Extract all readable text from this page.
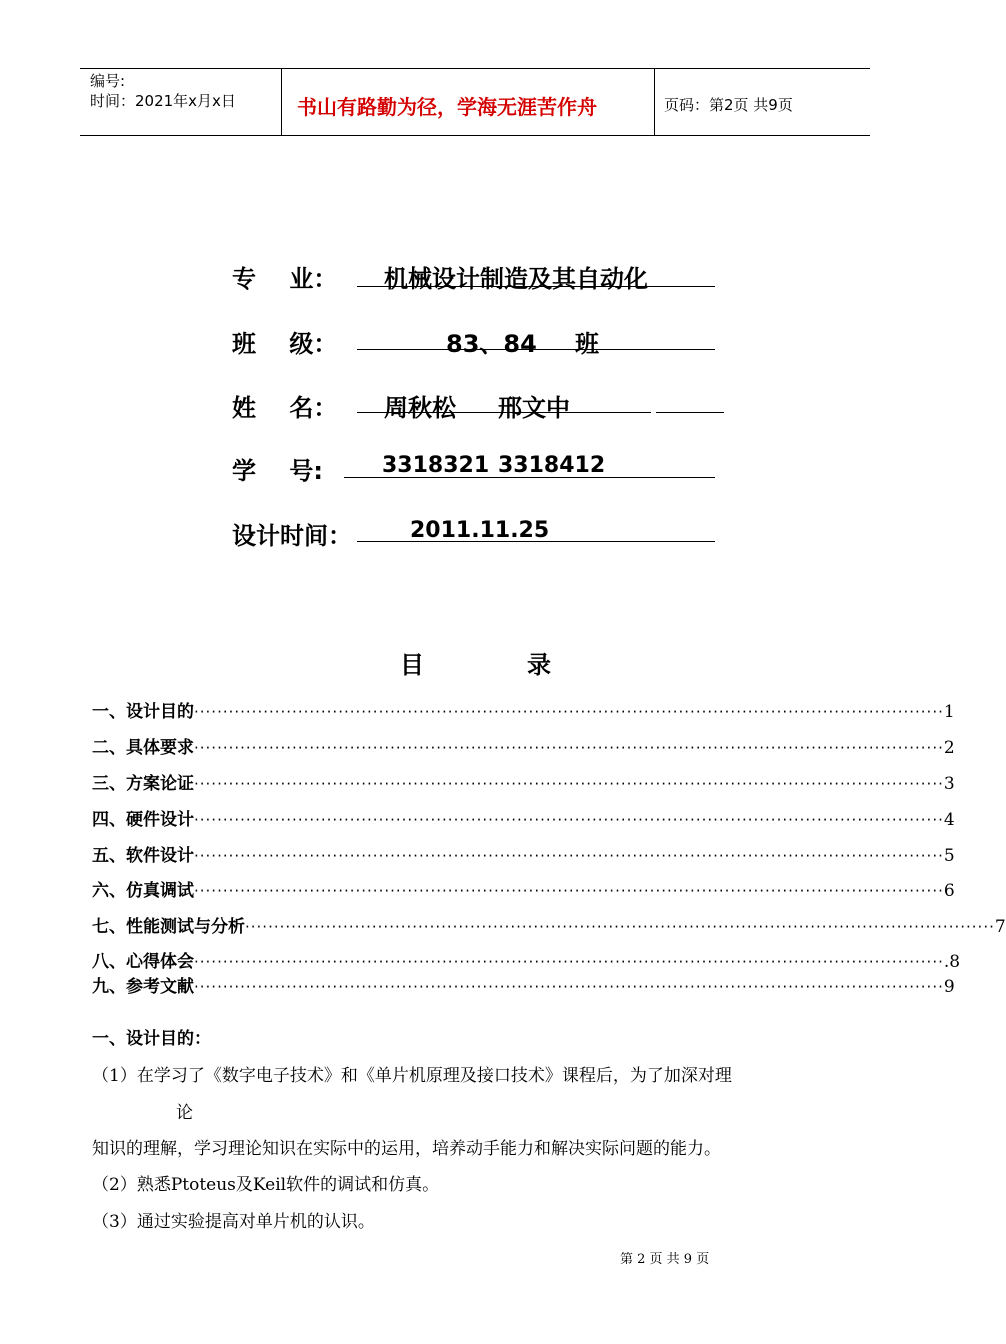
编号:
时间：2021年x月x日	书山有路勤为径，学海无涯苦作舟	页码：第2页 共9页
专    业： 机械设计制造及其自动化
班    级：	83、84 班
姓    名： 周秋松 邢文中
学    号:	3318321 3318412
设计时间：	2011.11.25
目	录
一、设计目的 ·································································································································· 1
二、具体要求 ·································································································································· 2
三、方案论证 ·································································································································· 3
四、硬件设计 ·································································································································· 4
五、软件设计 ·································································································································· 5
六、仿真调试 ·································································································································· 6
七、性能测试与分析 ·································································································································· 7
八、心得体会 ·································································································································· .8
九、参考文献 ·································································································································· 9
一、设计目的：
（1）在学习了《数字电子技术》和《单片机原理及接口技术》课程后，为了加深对理
论
知识的理解，学习理论知识在实际中的运用，培养动手能力和解决实际问题的能力。
（2）熟悉Ptoteus及Keil软件的调试和仿真。
（3）通过实验提高对单片机的认识。
第 2 页 共 9 页
